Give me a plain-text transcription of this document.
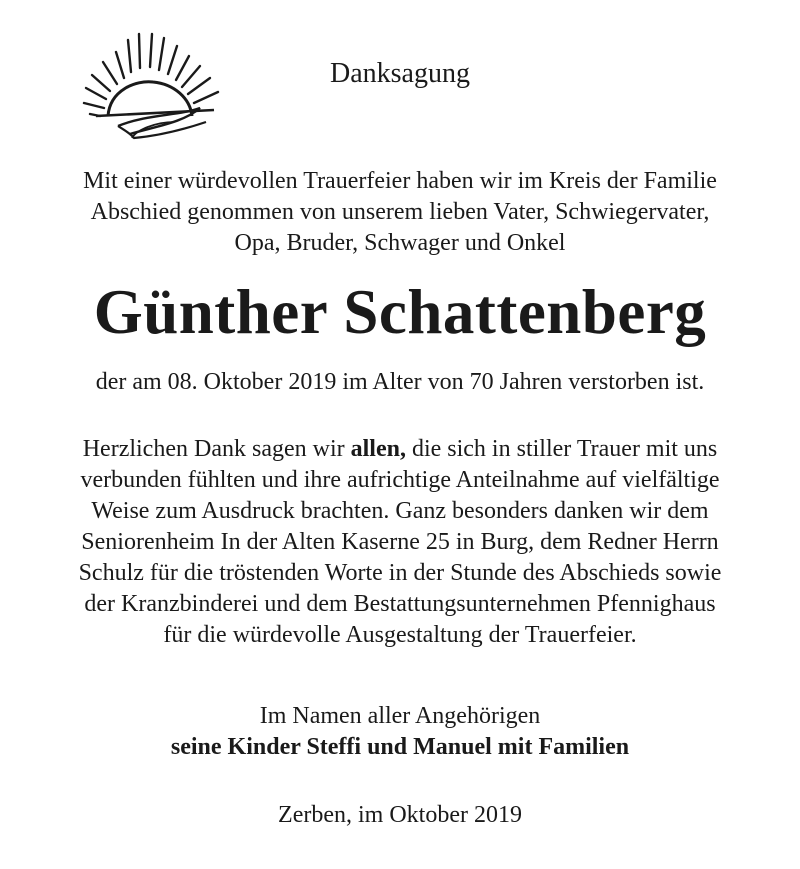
Danksagung

Mit einer würdevollen Trauerfeier haben wir im Kreis der Familie

Abschied genommen von unserem lieben Vater, Schwiegervater,

Opa, Bruder, Schwager und Onkel

Günther Schattenberg

der am 08. Oktober 2019 im Alter von 70 Jahren verstorben ist.

Herzlichen Dank sagen wir allen, die sich in stiller Trauer mit uns

verbunden fühlten und ihre aufrichtige Anteilnahme auf vielfältige

Weise zum Ausdruck brachten. Ganz besonders danken wir dem

Seniorenheim In der Alten Kaserne 25 in Burg, dem Redner Herrn

Schulz für die tröstenden Worte in der Stunde des Abschieds sowie

der Kranzbinderei und dem Bestattungsunternehmen Pfennighaus

für die würdevolle Ausgestaltung der Trauerfeier.

Im Namen aller Angehörigen

seine Kinder Steffi und Manuel mit Familien

Zerben, im Oktober 2019
